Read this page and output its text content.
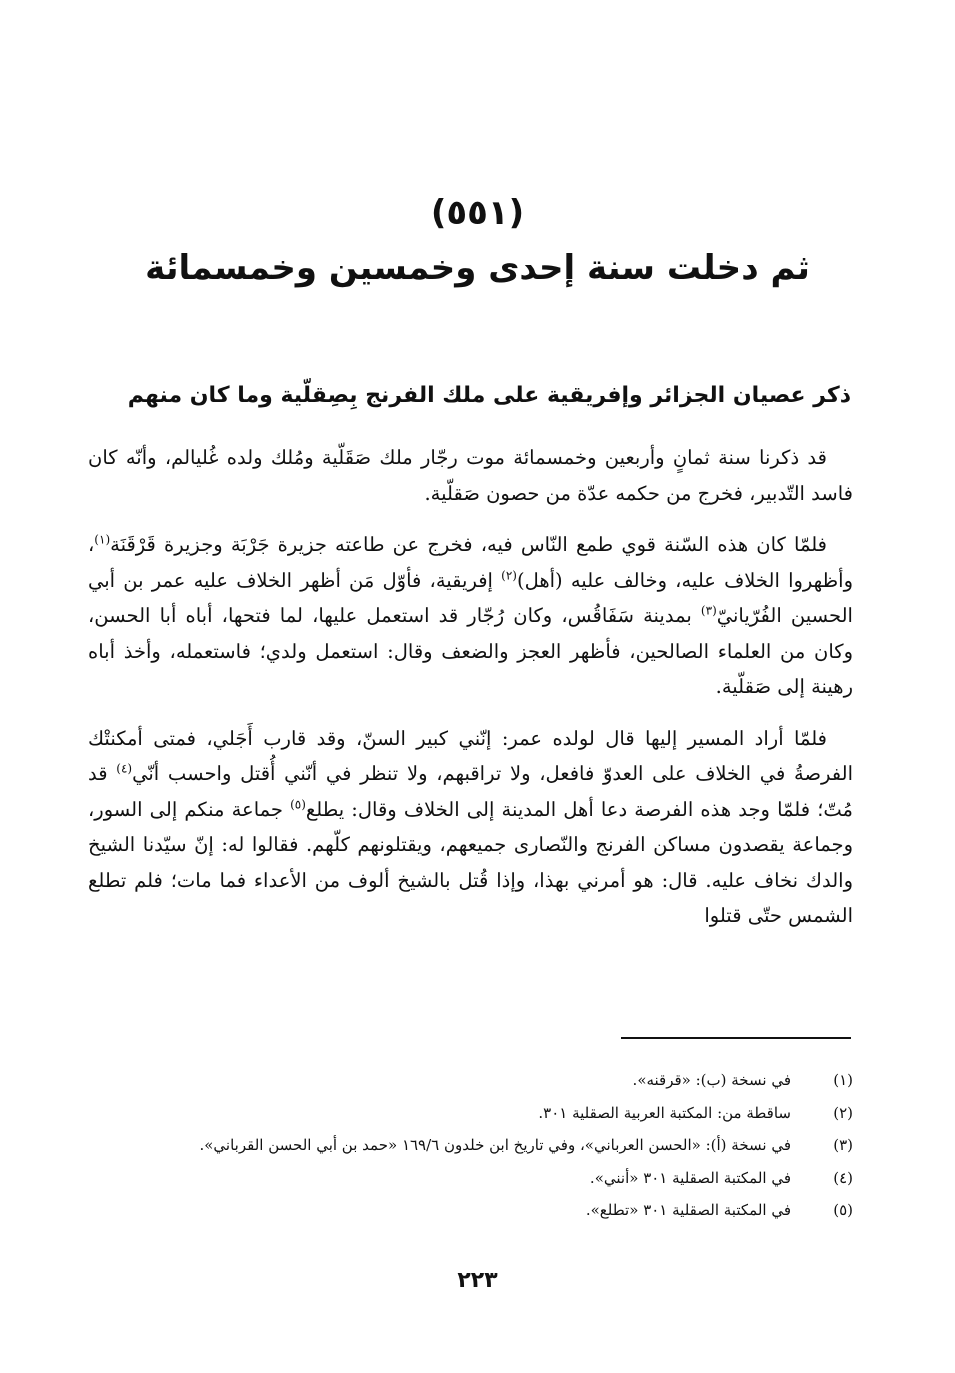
(٥٥١)
ثم دخلت سنة إحدى وخمسين وخمسمائة
ذكر عصيان الجزائر وإفريقية على ملك الفرنج بِصِقلّية وما كان منهم

قد ذكرنا سنة ثمانٍ وأربعين وخمسمائة موت رجّار ملك صَقَلّية ومُلك ولده غُليالم، وأنّه كان فاسد التّدبير، فخرج من حكمه عدّة من حصون صَقلّية.

فلمّا كان هذه السّنة قوي طمع النّاس فيه، فخرج عن طاعته جزيرة جَرْبَة وجزيرة قَرْقَنَة$^{(١)}$، وأظهروا الخلاف عليه، وخالف عليه (أهل)$^{(٢)}$ إفريقية، فأوّل مَن أظهر الخلاف عليه عمر بن أبي الحسين الفُرّيانيّ$^{(٣)}$ بمدينة سَفَاقُس، وكان رُجّار قد استعمل عليها، لما فتحها، أباه أبا الحسن، وكان من العلماء الصالحين، فأظهر العجز والضعف وقال: استعمل ولدي؛ فاستعمله، وأخذ أباه رهينة إلى صَقلّية.

فلمّا أراد المسير إليها قال لولده عمر: إنّني كبير السنّ، وقد قارب أَجَلي، فمتى أمكنتْك الفرصةُ في الخلاف على العدوّ فافعل، ولا تراقبهم، ولا تنظر في أنّني أُقتل واحسب أنّي$^{(٤)}$ قد مُتّ؛ فلمّا وجد هذه الفرصة دعا أهل المدينة إلى الخلاف وقال: يطلع$^{(٥)}$ جماعة منكم إلى السور، وجماعة يقصدون مساكن الفرنج والنّصارى جميعهم، ويقتلونهم كلّهم. فقالوا له: إنّ سيّدنا الشيخ والدك نخاف عليه. قال: هو أمرني بهذا، وإذا قُتل بالشيخ ألوف من الأعداء فما مات؛ فلم تطلع الشمس حتّى قتلوا

(١)
في نسخة (ب): «قرقنه».
(٢)
ساقطة من: المكتبة العربية الصقلية ٣٠١.
(٣)
في نسخة (أ): «الحسن العرباني»، وفي تاريخ ابن خلدون ١٦٩/٦ «حمد بن أبي الحسن القرباني».
(٤)
في المكتبة الصقلية ٣٠١ «أنني».
(٥)
في المكتبة الصقلية ٣٠١ «تطلع».
٢٢٣
